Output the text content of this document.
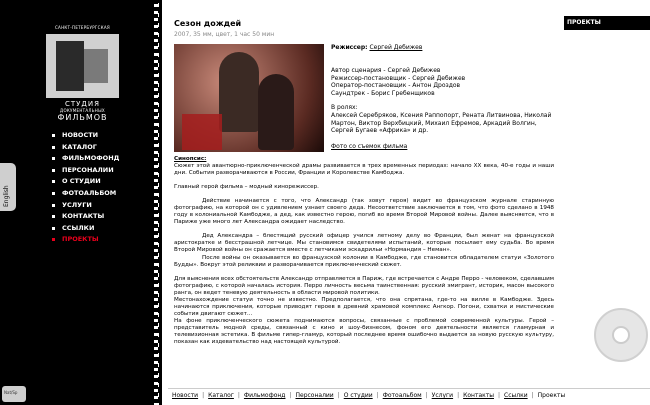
English
САНКТ-ПЕТЕРБУРГСКАЯ
СТУДИЯ
ДОКУМЕНТАЛЬНЫХ
ФИЛЬМОВ
НОВОСТИ
КАТАЛОГ
ФИЛЬМОФОНД
ПЕРСОНАЛИИ
О СТУДИИ
ФОТОАЛЬБОМ
УСЛУГИ
КОНТАКТЫ
ССЫЛКИ
ПРОЕКТЫ
Nat/Sp
ПРОЕКТЫ
Сезон дождей
2007, 35 мм, цвет, 1 час 50 мин
Режиссер: Сергей Дебижев
Автор сценария - Сергей Дебижев
Режиссер-постановщик - Сергей Дебижев
Оператор-постановщик - Антон Дроздов
Саундтрек - Борис Гребенщиков
В ролях:
Алексей Серебряков, Ксения Раппопорт, Рената Литвинова, Николай Мартон, Виктор Верхбицкий, Михаил Ефремов, Аркадий Волгин, Сергей Бугаев «Африка» и др.
Фото со съемок фильма

Синопсис:

Сюжет этой авантюрно-приключенческой драмы развивается в трех временных периодах: начало XX века, 40-е годы и наши дни. События разворачиваются в России, Франции и Королевстве Камбоджа.

Главный герой фильма – модный кинорежиссер.

Действие начинается с того, что Александр (так зовут героя) видит во французском журнале старинную фотографию, на которой он с удивлением узнает своего деда. Несоответствие заключается в том, что фото сделано в 1948 году в колониальной Камбодже, а дед, как известно герою, погиб во время Второй Мировой войны. Далее выясняется, что в Париже уже много лет Александра ожидает наследство.

Дед Александра – блестящий русский офицер учился летному делу во Франции, был женат на французской аристократке и бесстрашной летчице. Мы становимся свидетелями испытаний, которые посылает ему судьба. Во время Второй Мировой войны он сражается вместе с летчиками эскадрильи «Нормандия – Неман».

После войны он оказывается во французской колонии в Камбодже, где становится обладателем статуи «Золотого Будды». Вокруг этой реликвии и разворачивается приключенческий сюжет.

Для выяснения всех обстоятельств Александр отправляется в Париж, где встречается с Андре Перро - человеком, сделавшим фотографию, с которой началась история. Перро личность весьма таинственная: русский эмигрант, историк, масон высокого ранга, он ведет теневую деятельность в области мировой политики.

Местонахождение статуи точно не известно. Предполагается, что она спрятана, где-то на вилле в Камбодже. Здесь начинаются приключения, которые приводят героев в древний храмовой комплекс Ангкор. Погони, схватки и мистические события двигают сюжет…

На фоне приключенческого сюжета поднимаются вопросы, связанные с проблемой современной культуры. Герой – представитель модной среды, связанный с кино и шоу-бизнесом, фоном его деятельности является гламурная и телевизионная эстетика. В фильме гипер-гламур, который последнее время ошибочно выдается за новую русскую культуру, показан как издевательство над настоящей культурой.

Новости | Каталог | Фильмофонд | Персоналии | О студии | Фотоальбом | Услуги | Контакты | Ссылки | Проекты
